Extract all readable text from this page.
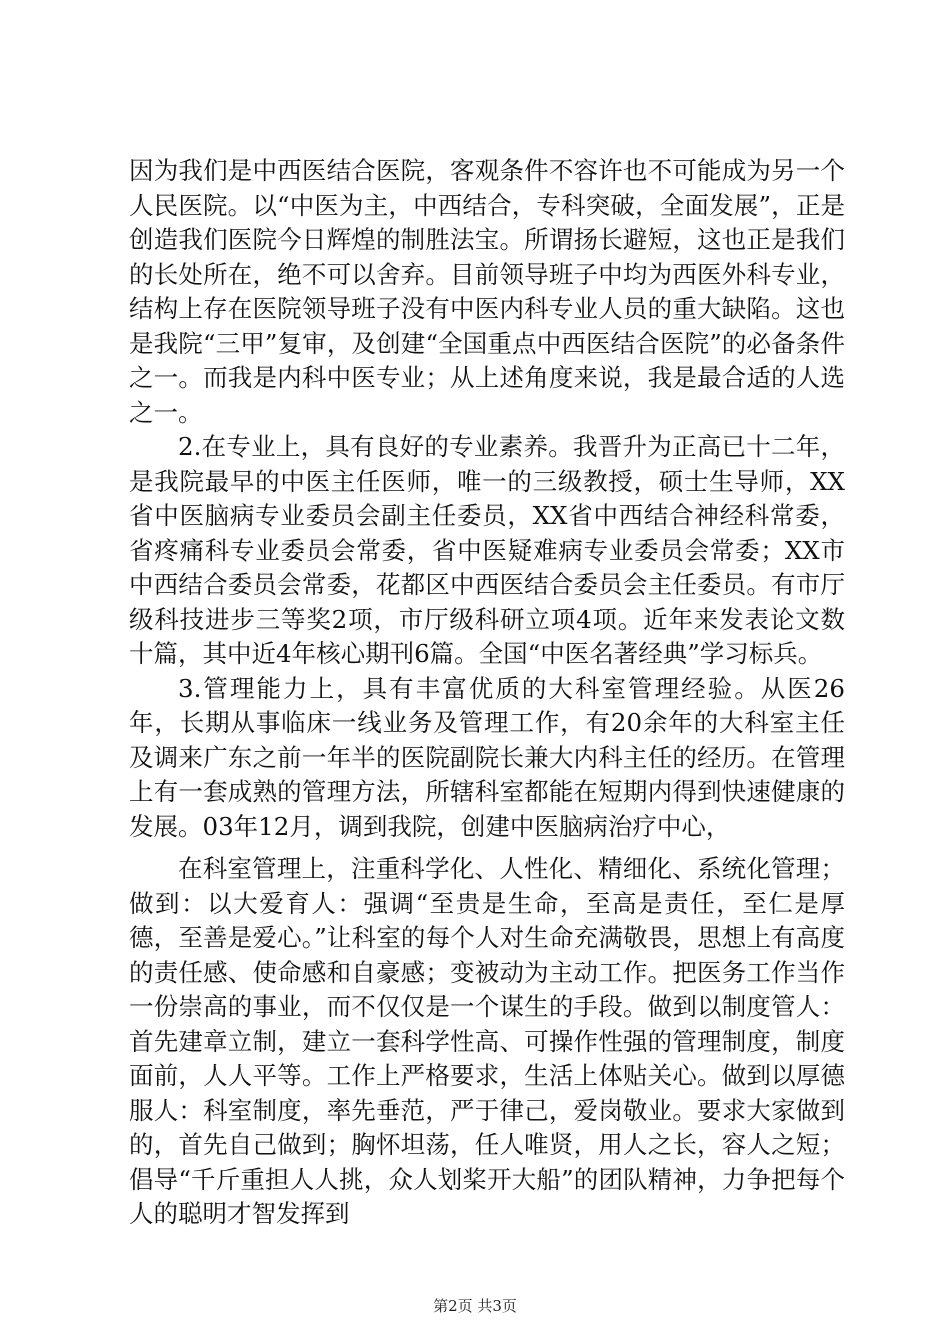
因为我们是中西医结合医院，客观条件不容许也不可能成为另一个人民医院。以“中医为主，中西结合，专科突破，全面发展”，正是创造我们医院今日辉煌的制胜法宝。所谓扬长避短，这也正是我们的长处所在，绝不可以舍弃。目前领导班子中均为西医外科专业，结构上存在医院领导班子没有中医内科专业人员的重大缺陷。这也是我院“三甲”复审，及创建“全国重点中西医结合医院”的必备条件之一。而我是内科中医专业；从上述角度来说，我是最合适的人选之一。

2.在专业上，具有良好的专业素养。我晋升为正高已十二年，是我院最早的中医主任医师，唯一的三级教授，硕士生导师，XX省中医脑病专业委员会副主任委员，XX省中西结合神经科常委，省疼痛科专业委员会常委，省中医疑难病专业委员会常委；XX市中西结合委员会常委，花都区中西医结合委员会主任委员。有市厅级科技进步三等奖2项，市厅级科研立项4项。近年来发表论文数十篇，其中近4年核心期刊6篇。全国“中医名著经典”学习标兵。

3.管理能力上，具有丰富优质的大科室管理经验。从医26年，长期从事临床一线业务及管理工作，有20余年的大科室主任及调来广东之前一年半的医院副院长兼大内科主任的经历。在管理上有一套成熟的管理方法，所辖科室都能在短期内得到快速健康的发展。03年12月，调到我院，创建中医脑病治疗中心，

在科室管理上，注重科学化、人性化、精细化、系统化管理；做到：以大爱育人：强调“至贵是生命，至高是责任，至仁是厚德，至善是爱心。”让科室的每个人对生命充满敬畏，思想上有高度的责任感、使命感和自豪感；变被动为主动工作。把医务工作当作一份崇高的事业，而不仅仅是一个谋生的手段。做到以制度管人：首先建章立制，建立一套科学性高、可操作性强的管理制度，制度面前，人人平等。工作上严格要求，生活上体贴关心。做到以厚德服人：科室制度，率先垂范，严于律己，爱岗敬业。要求大家做到的，首先自己做到；胸怀坦荡，任人唯贤，用人之长，容人之短；倡导“千斤重担人人挑，众人划桨开大船”的团队精神，力争把每个人的聪明才智发挥到

第2页 共3页
